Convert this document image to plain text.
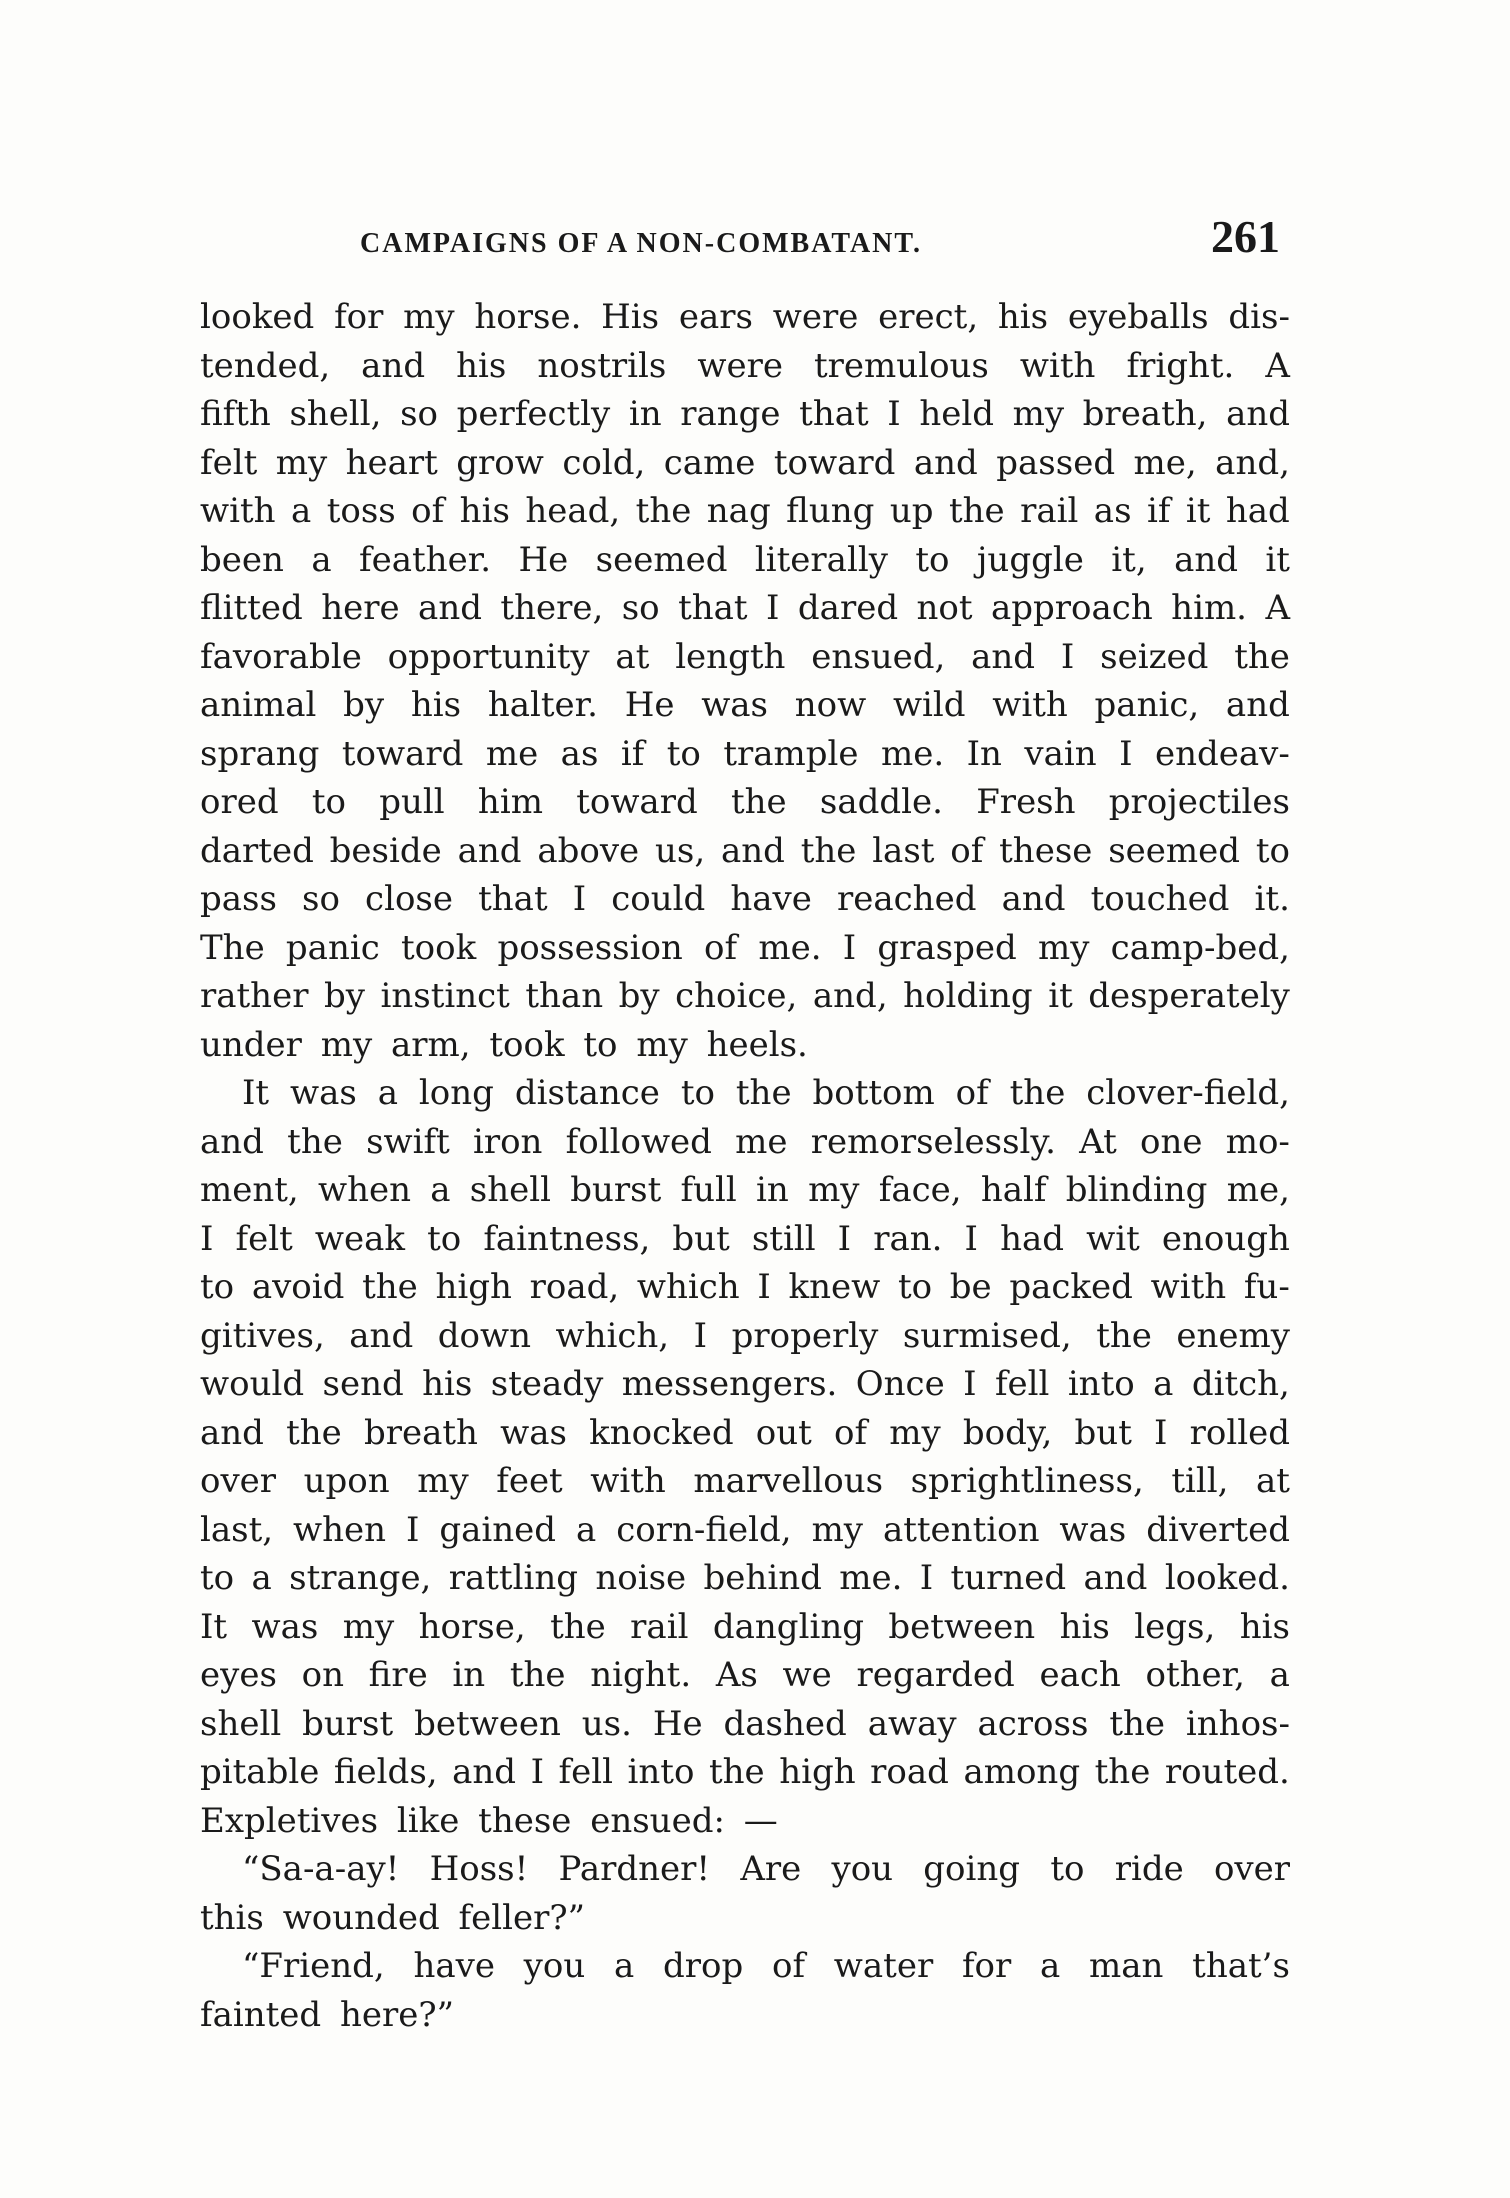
CAMPAIGNS OF A NON-COMBATANT.	261
looked for my horse. His ears were erect, his eyeballs dis-
tended, and his nostrils were tremulous with fright. A
fifth shell, so perfectly in range that I held my breath, and
felt my heart grow cold, came toward and passed me, and,
with a toss of his head, the nag flung up the rail as if it had
been a feather. He seemed literally to juggle it, and it
flitted here and there, so that I dared not approach him. A
favorable opportunity at length ensued, and I seized the
animal by his halter. He was now wild with panic, and
sprang toward me as if to trample me. In vain I endeav-
ored to pull him toward the saddle. Fresh projectiles
darted beside and above us, and the last of these seemed to
pass so close that I could have reached and touched it.
The panic took possession of me. I grasped my camp-bed,
rather by instinct than by choice, and, holding it desperately
under my arm, took to my heels.
It was a long distance to the bottom of the clover-field,
and the swift iron followed me remorselessly. At one mo-
ment, when a shell burst full in my face, half blinding me,
I felt weak to faintness, but still I ran. I had wit enough
to avoid the high road, which I knew to be packed with fu-
gitives, and down which, I properly surmised, the enemy
would send his steady messengers. Once I fell into a ditch,
and the breath was knocked out of my body, but I rolled
over upon my feet with marvellous sprightliness, till, at
last, when I gained a corn-field, my attention was diverted
to a strange, rattling noise behind me. I turned and looked.
It was my horse, the rail dangling between his legs, his
eyes on fire in the night. As we regarded each other, a
shell burst between us. He dashed away across the inhos-
pitable fields, and I fell into the high road among the routed.
Expletives like these ensued: —
“Sa-a-ay! Hoss! Pardner! Are you going to ride over
this wounded feller?”
“Friend, have you a drop of water for a man that’s
fainted here?”
